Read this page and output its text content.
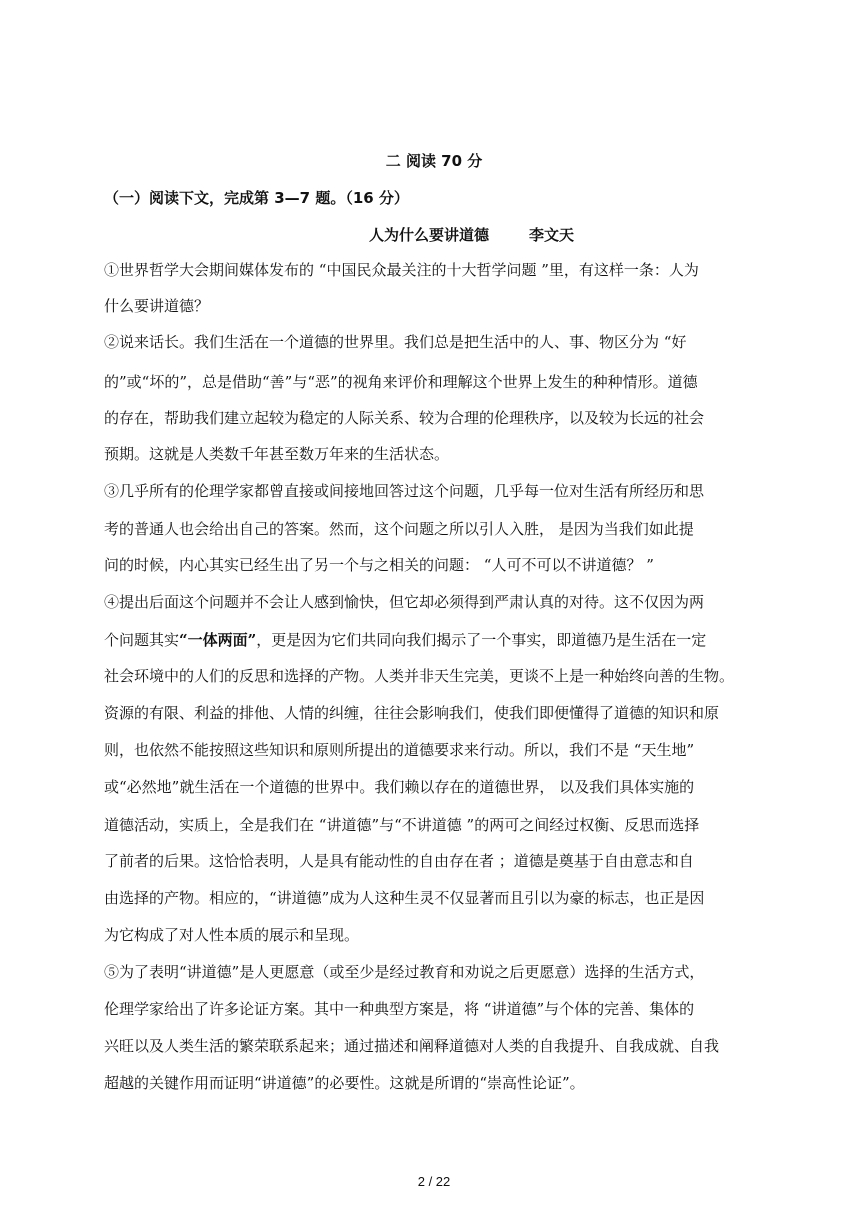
二 阅读 70 分
（一）阅读下文，完成第 3—7 题。（16 分）
人为什么要讲道德	李文天
①世界哲学大会期间媒体发布的 “中国民众最关注的十大哲学问题 ”里，有这样一条：人为
什么要讲道德？
②说来话长。我们生活在一个道德的世界里。我们总是把生活中的人、事、物区分为 “好
的”或“坏的”，总是借助“善”与“恶”的视角来评价和理解这个世界上发生的种种情形。道德
的存在，帮助我们建立起较为稳定的人际关系、较为合理的伦理秩序，以及较为长远的社会
预期。这就是人类数千年甚至数万年来的生活状态。
③几乎所有的伦理学家都曾直接或间接地回答过这个问题，几乎每一位对生活有所经历和思
考的普通人也会给出自己的答案。然而，这个问题之所以引人入胜， 是因为当我们如此提
问的时候，内心其实已经生出了另一个与之相关的问题： “人可不可以不讲道德？ ”
④提出后面这个问题并不会让人感到愉快，但它却必须得到严肃认真的对待。这不仅因为两
个问题其实“一体两面”，更是因为它们共同向我们揭示了一个事实，即道德乃是生活在一定
社会环境中的人们的反思和选择的产物。人类并非天生完美，更谈不上是一种始终向善的生物。
资源的有限、利益的排他、人情的纠缠，往往会影响我们，使我们即便懂得了道德的知识和原
则，也依然不能按照这些知识和原则所提出的道德要求来行动。所以，我们不是 “天生地”
或“必然地”就生活在一个道德的世界中。我们赖以存在的道德世界， 以及我们具体实施的
道德活动，实质上，全是我们在 “讲道德”与“不讲道德 ”的两可之间经过权衡、反思而选择
了前者的后果。这恰恰表明，人是具有能动性的自由存在者 ；道德是奠基于自由意志和自
由选择的产物。相应的，“讲道德”成为人这种生灵不仅显著而且引以为豪的标志，也正是因
为它构成了对人性本质的展示和呈现。
⑤为了表明“讲道德”是人更愿意（或至少是经过教育和劝说之后更愿意）选择的生活方式，
伦理学家给出了许多论证方案。其中一种典型方案是，将 “讲道德”与个体的完善、集体的
兴旺以及人类生活的繁荣联系起来；通过描述和阐释道德对人类的自我提升、自我成就、自我
超越的关键作用而证明“讲道德”的必要性。这就是所谓的“崇高性论证”。
2 / 22
